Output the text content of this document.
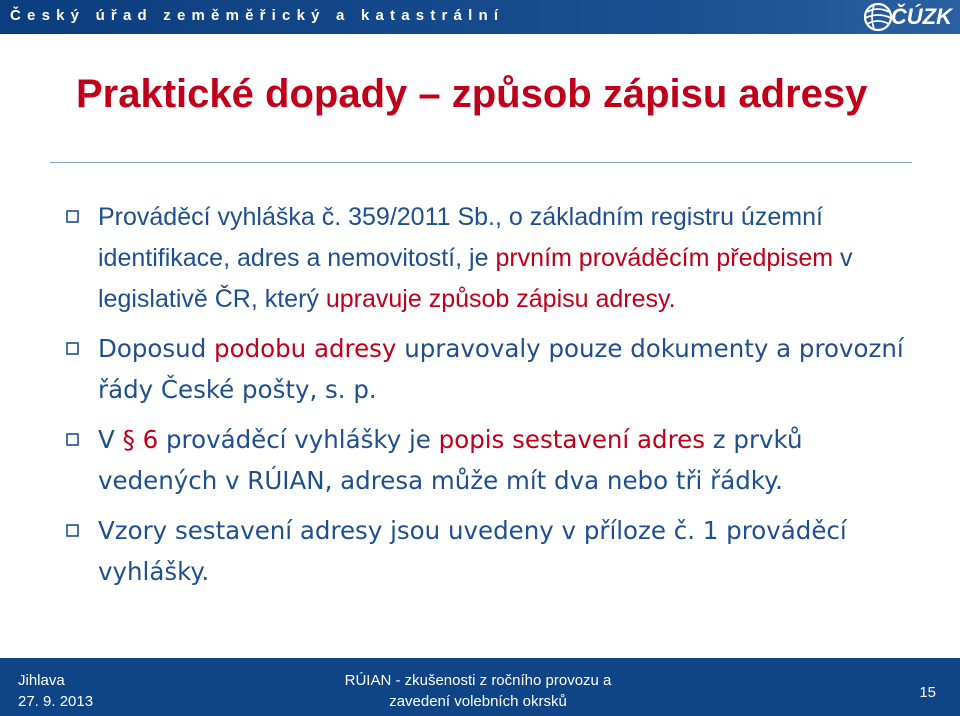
Český úřad zeměměřický a katastrální	ČÚZK
Praktické dopady – způsob zápisu adresy
Prováděcí vyhláška č. 359/2011 Sb., o základním registru územní identifikace, adres a nemovitostí, je prvním prováděcím předpisem v legislativě ČR, který upravuje způsob zápisu adresy.
Doposud podobu adresy upravovaly pouze dokumenty a provozní řády České pošty, s. p.
V § 6 prováděcí vyhlášky je popis sestavení adres z prvků vedených v RÚIAN, adresa může mít dva nebo tři řádky.
Vzory sestavení adresy jsou uvedeny v příloze č. 1 prováděcí vyhlášky.
Jihlava
27. 9. 2013
RÚIAN - zkušenosti z ročního provozu a
zavedení volebních okrsků
15
